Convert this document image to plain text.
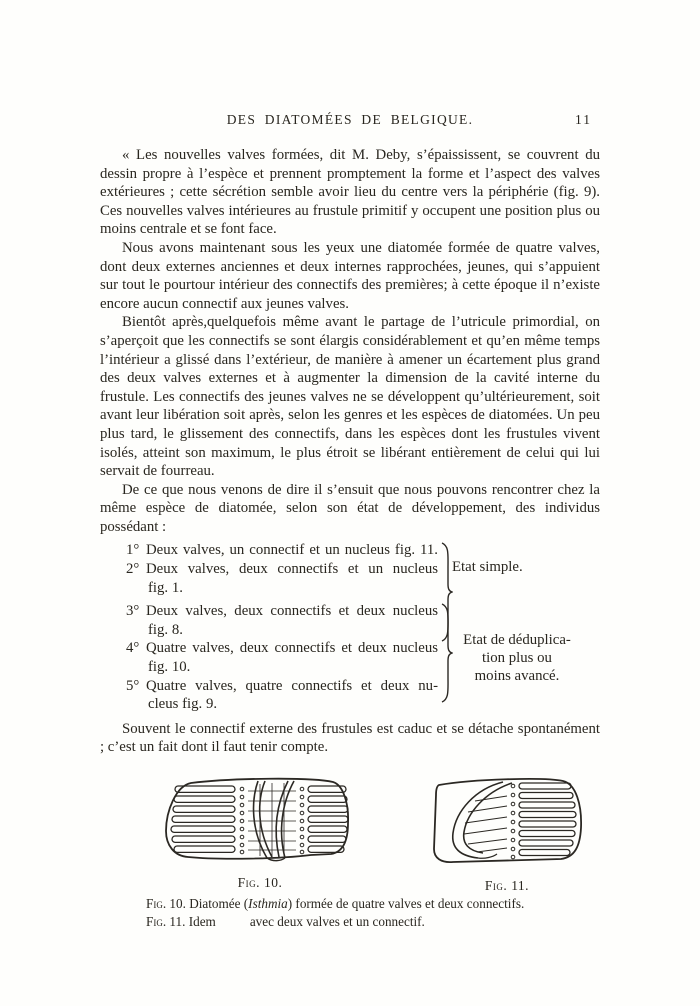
DES DIATOMÉES DE BELGIQUE.	11

« Les nouvelles valves formées, dit M. Deby, s’épaississent, se couvrent du dessin propre à l’espèce et prennent promptement la forme et l’aspect des valves extérieures ; cette sécrétion semble avoir lieu du centre vers la périphérie (fig. 9). Ces nouvelles valves intérieures au frustule primitif y occupent une position plus ou moins centrale et se font face.

Nous avons maintenant sous les yeux une diatomée formée de quatre valves, dont deux externes anciennes et deux internes rapprochées, jeunes, qui s’appuient sur tout le pourtour intérieur des connectifs des premières; à cette époque il n’existe encore aucun connectif aux jeunes valves.

Bientôt après,quelquefois même avant le partage de l’utricule primordial, on s’aperçoit que les connectifs se sont élargis considérablement et qu’en même temps l’intérieur a glissé dans l’extérieur, de manière à amener un écartement plus grand des deux valves externes et à augmenter la dimension de la cavité interne du frustule. Les connectifs des jeunes valves ne se développent qu’ultérieurement, soit avant leur libération soit après, selon les genres et les espèces de diatomées. Un peu plus tard, le glissement des connectifs, dans les espèces dont les frustules vivent isolés, atteint son maximum, le plus étroit se libérant entièrement de celui qui lui servait de fourreau.

De ce que nous venons de dire il s’ensuit que nous pouvons rencontrer chez la même espèce de diatomée, selon son état de développement, des individus possédant :

1° Deux valves, un connectif et un nucleus fig. 11.
2° Deux valves, deux connectifs et un nucleus
fig. 1.
Etat simple.
3° Deux valves, deux connectifs et deux nucleus
fig. 8.
4° Quatre valves, deux connectifs et deux nucleus
fig. 10.
5° Quatre valves, quatre connectifs et deux nu-
cleus fig. 9.
Etat de déduplica-
tion plus ou
moins avancé.

Souvent le connectif externe des frustules est caduc et se détache spontanément ; c’est un fait dont il faut tenir compte.

Fig. 10.	Fig. 11.
Fig. 10. Diatomée (Isthmia) formée de quatre valves et deux connectifs.
Fig. 11. Idem	avec deux valves et un connectif.
